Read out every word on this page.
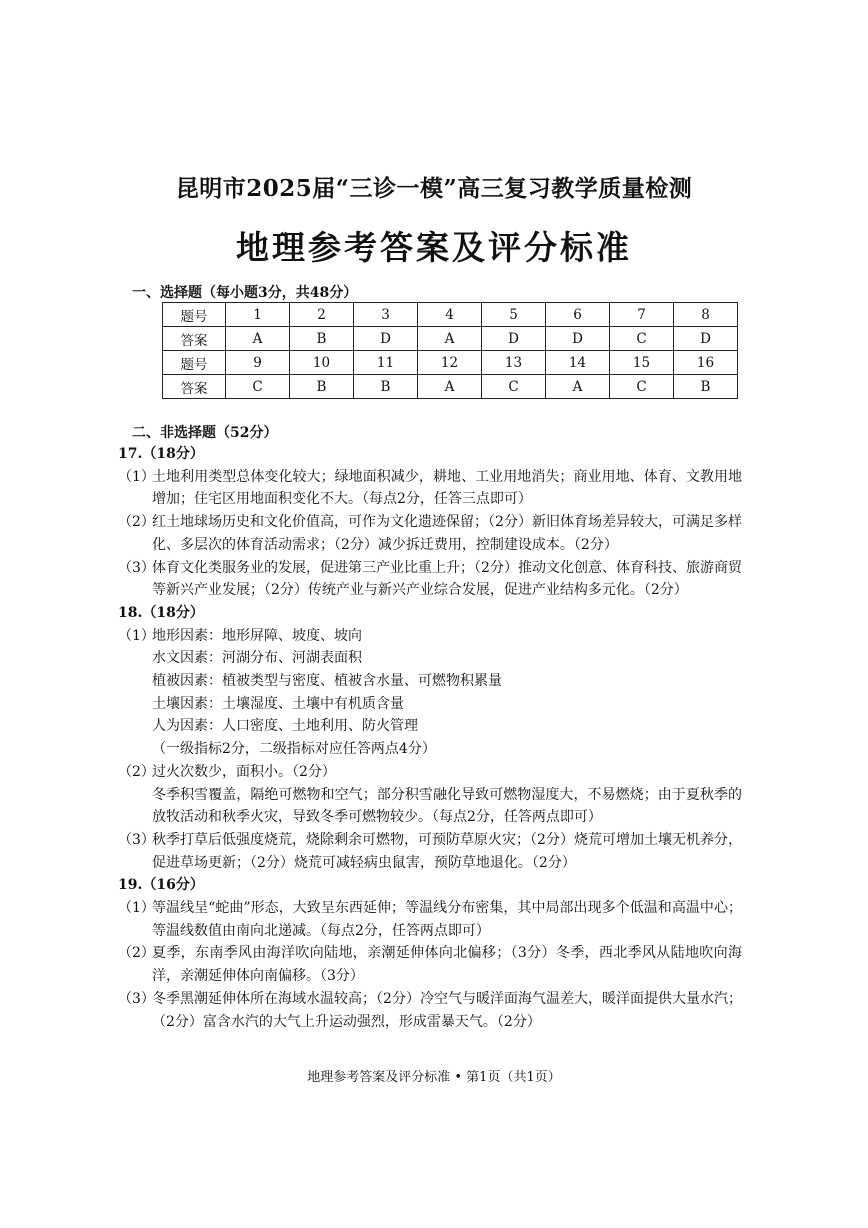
昆明市2025届“三诊一模”高三复习教学质量检测
地理参考答案及评分标准
一、选择题（每小题3分，共48分）
题号	1	2	3	4	5	6	7	8
答案	A	B	D	A	D	D	C	D
题号	9	10	11	12	13	14	15	16
答案	C	B	B	A	C	A	C	B
二、非选择题（52分）
17.（18分）
（1）
土地利用类型总体变化较大；绿地面积减少，耕地、工业用地消失；商业用地、体育、文教用地增加；住宅区用地面积变化不大。（每点2分，任答三点即可）
（2）
红土地球场历史和文化价值高，可作为文化遗迹保留；（2分）新旧体育场差异较大，可满足多样化、多层次的体育活动需求；（2分）减少拆迁费用，控制建设成本。（2分）
（3）
体育文化类服务业的发展，促进第三产业比重上升；（2分）推动文化创意、体育科技、旅游商贸等新兴产业发展；（2分）传统产业与新兴产业综合发展，促进产业结构多元化。（2分）
18.（18分）
（1）
地形因素：地形屏障、坡度、坡向
水文因素：河湖分布、河湖表面积
植被因素：植被类型与密度、植被含水量、可燃物积累量
土壤因素：土壤湿度、土壤中有机质含量
人为因素：人口密度、土地利用、防火管理
（一级指标2分，二级指标对应任答两点4分）
（2）
过火次数少，面积小。（2分）
冬季积雪覆盖，隔绝可燃物和空气；部分积雪融化导致可燃物湿度大，不易燃烧；由于夏秋季的放牧活动和秋季火灾，导致冬季可燃物较少。（每点2分，任答两点即可）
（3）
秋季打草后低强度烧荒，烧除剩余可燃物，可预防草原火灾；（2分）烧荒可增加土壤无机养分，促进草场更新；（2分）烧荒可减轻病虫鼠害，预防草地退化。（2分）
19.（16分）
（1）
等温线呈“蛇曲”形态，大致呈东西延伸；等温线分布密集，其中局部出现多个低温和高温中心；等温线数值由南向北递减。（每点2分，任答两点即可）
（2）
夏季，东南季风由海洋吹向陆地，亲潮延伸体向北偏移；（3分）冬季，西北季风从陆地吹向海洋，亲潮延伸体向南偏移。（3分）
（3）
冬季黑潮延伸体所在海域水温较高；（2分）冷空气与暖洋面海气温差大，暖洋面提供大量水汽；（2分）富含水汽的大气上升运动强烈，形成雷暴天气。（2分）
地理参考答案及评分标准 • 第1页（共1页）
